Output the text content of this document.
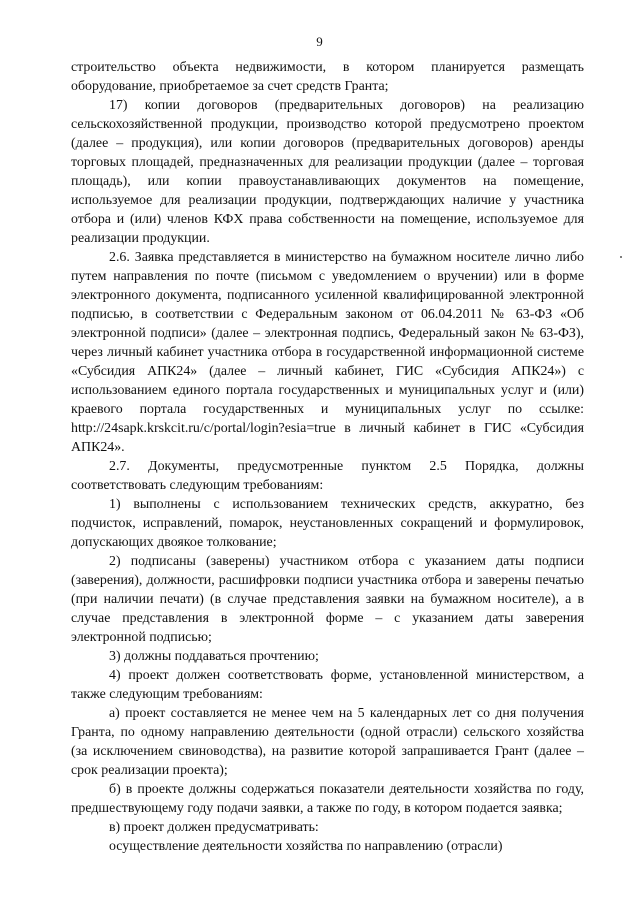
9

строительство объекта недвижимости, в котором планируется размещать оборудование, приобретаемое за счет средств Гранта;

17) копии договоров (предварительных договоров) на реализацию сельскохозяйственной продукции, производство которой предусмотрено проектом (далее – продукция), или копии договоров (предварительных договоров) аренды торговых площадей, предназначенных для реализации продукции (далее – торговая площадь), или копии правоустанавливающих документов на помещение, используемое для реализации продукции, подтверждающих наличие у участника отбора и (или) членов КФХ права собственности на помещение, используемое для реализации продукции.

2.6. Заявка представляется в министерство на бумажном носителе лично либо путем направления по почте (письмом с уведомлением о вручении) или в форме электронного документа, подписанного усиленной квалифицированной электронной подписью, в соответствии с Федеральным законом от 06.04.2011 № 63-ФЗ «Об электронной подписи» (далее – электронная подпись, Федеральный закон № 63-ФЗ), через личный кабинет участника отбора в государственной информационной системе «Субсидия АПК24» (далее – личный кабинет, ГИС «Субсидия АПК24») с использованием единого портала государственных и муниципальных услуг и (или) краевого портала государственных и муниципальных услуг по ссылке: http://24sapk.krskcit.ru/c/portal/login?esia=true в личный кабинет в ГИС «Субсидия АПК24».

2.7. Документы, предусмотренные пунктом 2.5 Порядка, должны соответствовать следующим требованиям:

1) выполнены с использованием технических средств, аккуратно, без подчисток, исправлений, помарок, неустановленных сокращений и формулировок, допускающих двоякое толкование;

2) подписаны (заверены) участником отбора с указанием даты подписи (заверения), должности, расшифровки подписи участника отбора и заверены печатью (при наличии печати) (в случае представления заявки на бумажном носителе), а в случае представления в электронной форме – с указанием даты заверения электронной подписью;

3) должны поддаваться прочтению;

4) проект должен соответствовать форме, установленной министерством, а также следующим требованиям:

а) проект составляется не менее чем на 5 календарных лет со дня получения Гранта, по одному направлению деятельности (одной отрасли) сельского хозяйства (за исключением свиноводства), на развитие которой запрашивается Грант (далее – срок реализации проекта);

б) в проекте должны содержаться показатели деятельности хозяйства по году, предшествующему году подачи заявки, а также по году, в котором подается заявка;

в) проект должен предусматривать:

осуществление деятельности хозяйства по направлению (отрасли)
